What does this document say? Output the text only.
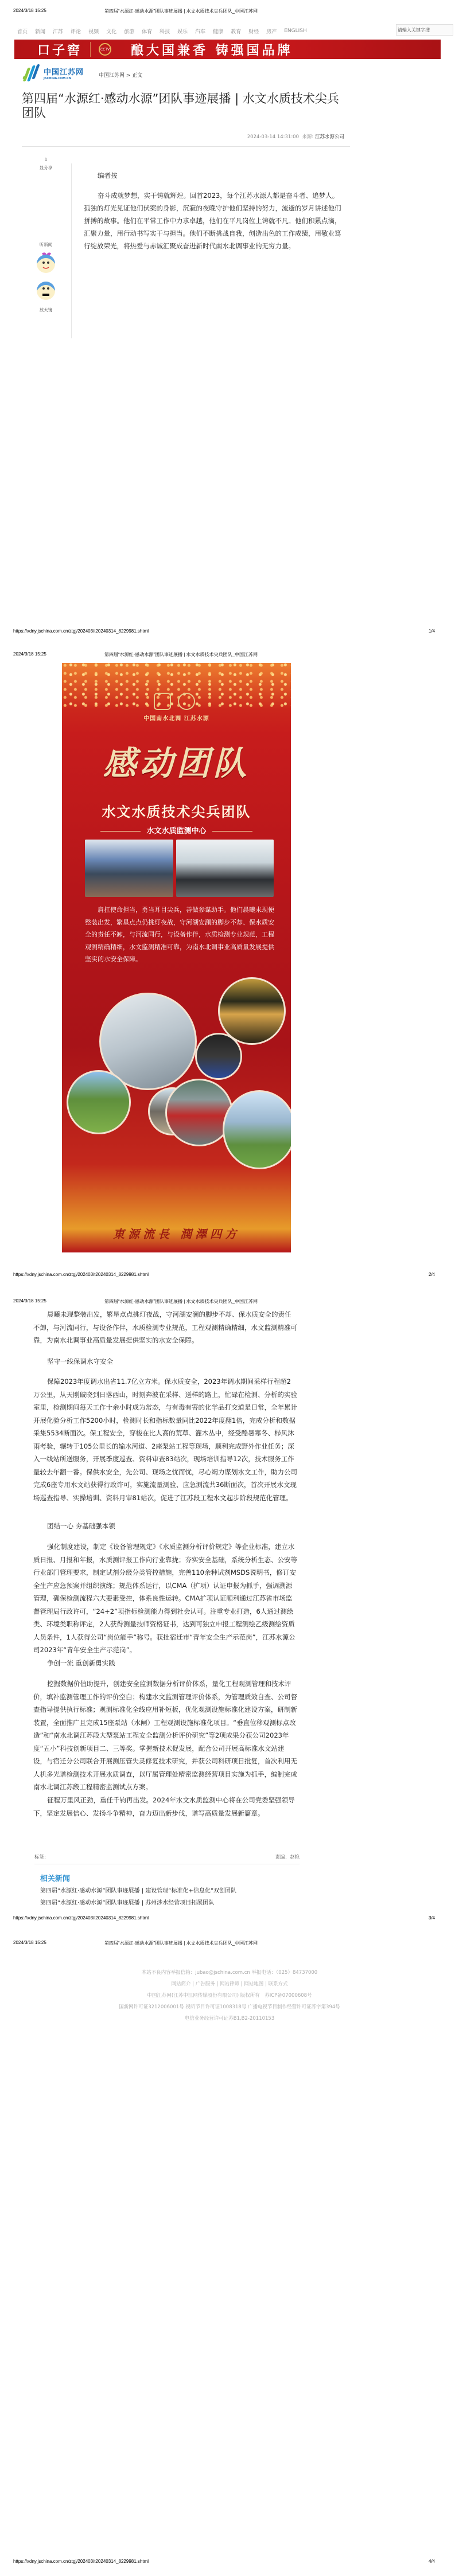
2024/3/18 15:25	第四届“水源红·感动水源”团队事迹展播 | 水文水质技术尖兵团队_中国江苏网
首页 新闻 江苏 评论 视频 文化 旅游 体育 科技 娱乐 汽车 健康 教育 财经 房产 ENGLISH	请输入关键字搜
口子窖	CCTV 酿大国兼香 铸强国品牌
中国江苏网
JSCHINA.COM.CN	中国江苏网 > 正文
第四届“水源红·感动水源”团队事迹展播 | 水文水质技术尖兵团队
2024-03-14 14:31:00 来源: 江苏水源公司
1
显分享
听新闻
放大镜
编者按
奋斗成就梦想，实干铸就辉煌。回首2023，每个江苏水源人都是奋斗者、追梦人。孤独的灯光见证他们伏案的身影，沉寂的夜晚守护他们坚持的努力，流逝的岁月讲述他们拼搏的故事。他们在平常工作中力求卓越，他们在平凡岗位上铸就不凡。他们积累点滴，汇聚力量，用行动书写实干与担当。他们不断挑战自我，创造出色的工作成绩，用敬业笃行绽放荣光，将热爱与赤诚汇聚成奋进新时代南水北调事业的无穷力量。
https://xdny.jschina.com.cn/ztgj/202403/t20240314_8229981.shtml	1/4
2024/3/18 15:25	第四届“水源红·感动水源”团队事迹展播 | 水文水质技术尖兵团队_中国江苏网
中国南水北调 江苏水源
感动团队
水文水质技术尖兵团队
水文水质监测中心
肩扛使命担当，勇当耳目尖兵，善做参谋助手。他们晨曦未现便整装出发，繁星点点仍挑灯夜战，守河湖安澜的脚步不却、保水质安全的责任不卸，与河流同行，与设备作伴，水质检测专业规范，工程观测精确精细，水文监测精准可靠，为南水北调事业高质量发展提供坚实的水安全保障。
東源流長 潤澤四方
https://xdny.jschina.com.cn/ztgj/202403/t20240314_8229981.shtml	2/4
2024/3/18 15:25	第四届“水源红·感动水源”团队事迹展播 | 水文水质技术尖兵团队_中国江苏网
晨曦未现整装出发，繁星点点挑灯夜战，守河湖安澜的脚步不却、保水质安全的责任不卸，与河流同行，与设备作伴，水质检测专业规范，工程观测精确精细，水文监测精准可靠，为南水北调事业高质量发展提供坚实的水安全保障。
坚守一线保调水守安全
保障2023年度调水出省11.7亿立方米。保水质安全，2023年调水期间采样行程超2万公里，从天刚破晓到日落西山，时刻奔波在采样、送样的路上，忙碌在检测、分析的实验室里，检测期间每天工作十余小时成为常态，与有毒有害的化学品打交道是日常，全年累计开展化验分析工作5200小时，检测时长和指标数量同比2022年度翻1倍，完成分析和数据采集5534断面次。保工程安全，穿梭在比人高的荒草、灌木丛中，经受酷暑寒冬、栉风沐雨考验，辗转于105公里长的输水河道、2座泵站工程等现场，顺利完成野外作业任务；深入一线站所送服务，开展季度巡查、资料审查83站次，现场培训指导12次，技术服务工作量较去年翻一番。保供水安全，先公司、现场之忧而忧，尽心竭力谋划水文工作，助力公司完成6座专用水文站获得行政许可，实施流量测验、应急测流共36断面次，首次开展水文现场巡查指导、实操培训、资料月审81站次，促进了江苏段工程水文起步阶段规范化管理。
团结一心 夯基础强本领
强化制度建设，制定《设备管理规定》《水质监测分析评价规定》等企业标准，建立水质日报、月报和年报，水质测评报工作向行业靠拢；夯实安全基础，系统分析生态、公安等行业部门管理要求，制定试剂分级分类管控措施，完善110余种试剂MSDS说明书，修订安全生产应急预案并组织演练；规范体系运行，以CMA（扩项）认证申报为抓手，强调溯源管理，确保检测流程六大要素受控，体系良性运转。CMA扩项认证顺利通过江苏省市场监督管理局行政许可，“24+2”项指标检测能力得到社会认可。注重专业打造，6人通过测绘类、环境类职称评定，2人获得测量技师资格证书，达到可独立申报工程测绘乙级测绘资质人员条件，1人获得公司“岗位能手”称号。获批宿迁市“青年安全生产示范岗”，江苏水源公司2023年“青年安全生产示范岗”。
争创一流 重创新勇实践
挖掘数据价值助提升，创建安全监测数据分析评价体系，量化工程观测管理和技术评价，填补监测管理工作的评价空白；构建水文监测管理评价体系，为管理质效自查、公司督查指导提供执行标准；观测标准化全线应用补短板，优化观测设施标准化建设方案，研制新装置，全面推广且完成15座泵站（水闸）工程观测设施标准化项目。“垂直位移观测标点改造”和“南水北调江苏段大型泵站工程安全监测分析评价研究”等2项成果分获公司2023年度“五小”科技创新项目二、三等奖。掌握新技术促发展，配合公司开展高标准水文站建设，与宿迁分公司联合开展测压管失灵修复技术研究，并获公司科研项目批复，首次利用无人机多光谱检测技术开展水质调查，以厅属管理处精密监测经营项目实施为抓手，编制完成南水北调江苏段工程精密监测试点方案。
征程万里风正劲，重任千钧再出发。2024年水文水质监测中心将在公司党委坚强领导下，坚定发展信心、发扬斗争精神，奋力迈出新步伐，谱写高质量发展新篇章。
标签:	责编：赵艳
相关新闻
第四届“水源红·感动水源”团队事迹展播 | 建设管理“标准化+信息化”双创团队
第四届“水源红·感动水源”团队事迹展播 | 苏州涉水经营项目拓展团队
https://xdny.jschina.com.cn/ztgj/202403/t20240314_8229981.shtml	3/4
2024/3/18 15:25	第四届“水源红·感动水源”团队事迹展播 | 水文水质技术尖兵团队_中国江苏网
本站不良内容举报信箱：jubao@jschina.com.cn 举报电话：（025）84737000
网站简介 | 广告服务 | 网站律师 | 网站地图 | 联系方式
中国江苏网(江苏中江网传媒股份有限公司) 版权所有　苏ICP备07000608号
国新网许可证3212006001号 视听节目许可证1008318号 广播电视节目制作经营许可证苏字第394号
电信业务经营许可证苏B1,B2-20110153
https://xdny.jschina.com.cn/ztgj/202403/t20240314_8229981.shtml	4/4
